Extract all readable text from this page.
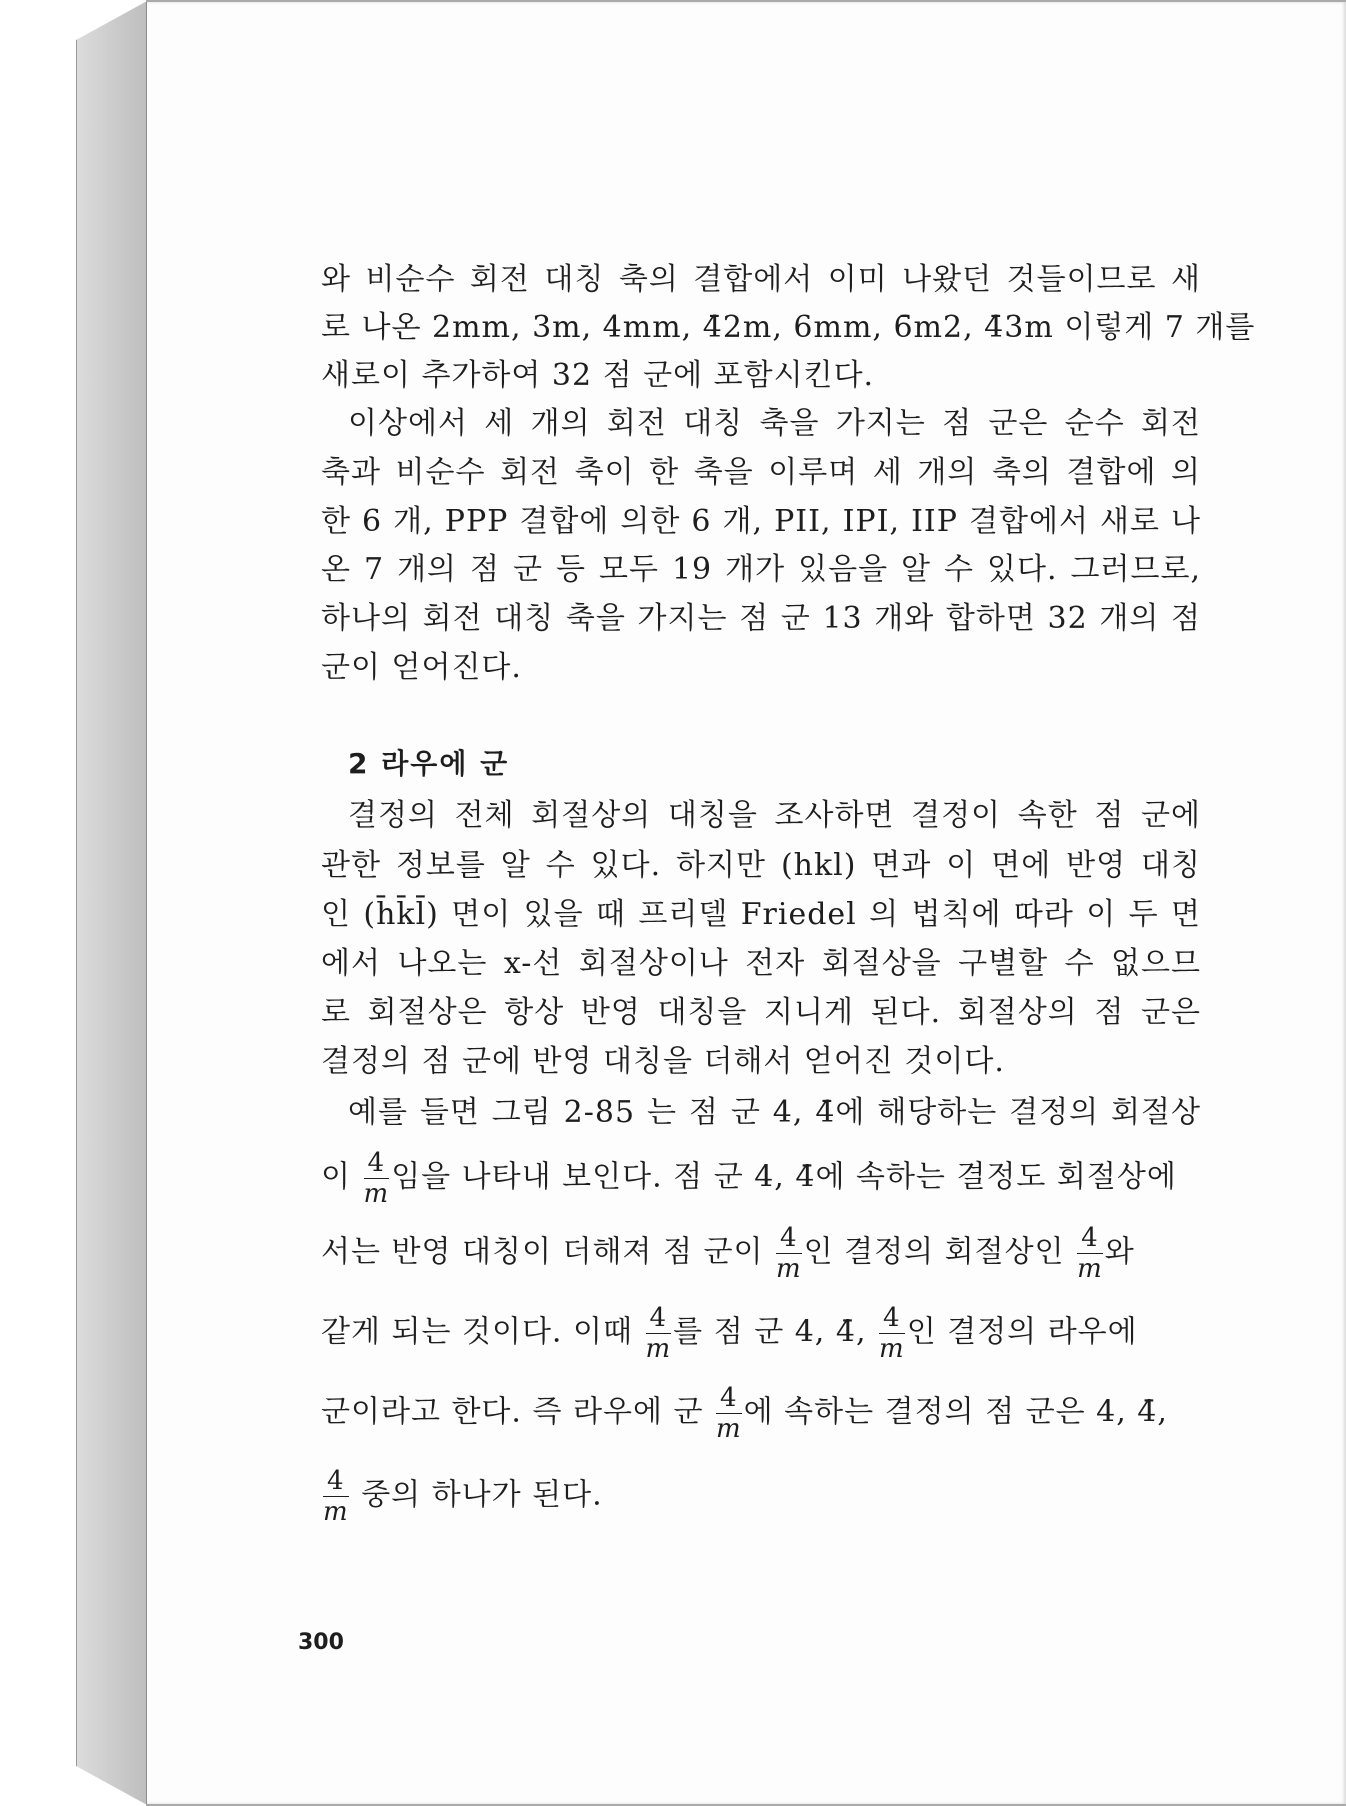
와 비순수 회전 대칭 축의 결합에서 이미 나왔던 것들이므로 새
로 나온 2mm, 3m, 4mm, 4̄2m, 6mm, 6̄m2, 4̄3m 이렇게 7 개를
새로이 추가하여 32 점 군에 포함시킨다.
이상에서 세 개의 회전 대칭 축을 가지는 점 군은 순수 회전
축과 비순수 회전 축이 한 축을 이루며 세 개의 축의 결합에 의
한 6 개, PPP 결합에 의한 6 개, PII, IPI, IIP 결합에서 새로 나
온 7 개의 점 군 등 모두 19 개가 있음을 알 수 있다. 그러므로,
하나의 회전 대칭 축을 가지는 점 군 13 개와 합하면 32 개의 점
군이 얻어진다.
2 라우에 군
결정의 전체 회절상의 대칭을 조사하면 결정이 속한 점 군에
관한 정보를 알 수 있다. 하지만 (hkl) 면과 이 면에 반영 대칭
인 (h̄k̄l̄) 면이 있을 때 프리델 Friedel 의 법칙에 따라 이 두 면
에서 나오는 x-선 회절상이나 전자 회절상을 구별할 수 없으므
로 회절상은 항상 반영 대칭을 지니게 된다. 회절상의 점 군은
결정의 점 군에 반영 대칭을 더해서 얻어진 것이다.
예를 들면 그림 2-85 는 점 군 4, 4̄에 해당하는 결정의 회절상
이 $\frac{4}{m}$ 임을 나타내 보인다. 점 군 4, 4̄에 속하는 결정도 회절상에
서는 반영 대칭이 더해져 점 군이 $\frac{4}{m}$ 인 결정의 회절상인 $\frac{4}{m}$ 와
같게 되는 것이다. 이때 $\frac{4}{m}$ 를 점 군 4, 4̄, $\frac{4}{m}$ 인 결정의 라우에
군이라고 한다. 즉 라우에 군 $\frac{4}{m}$ 에 속하는 결정의 점 군은 4, 4̄,
$\frac{4}{m}$ 중의 하나가 된다.
300
